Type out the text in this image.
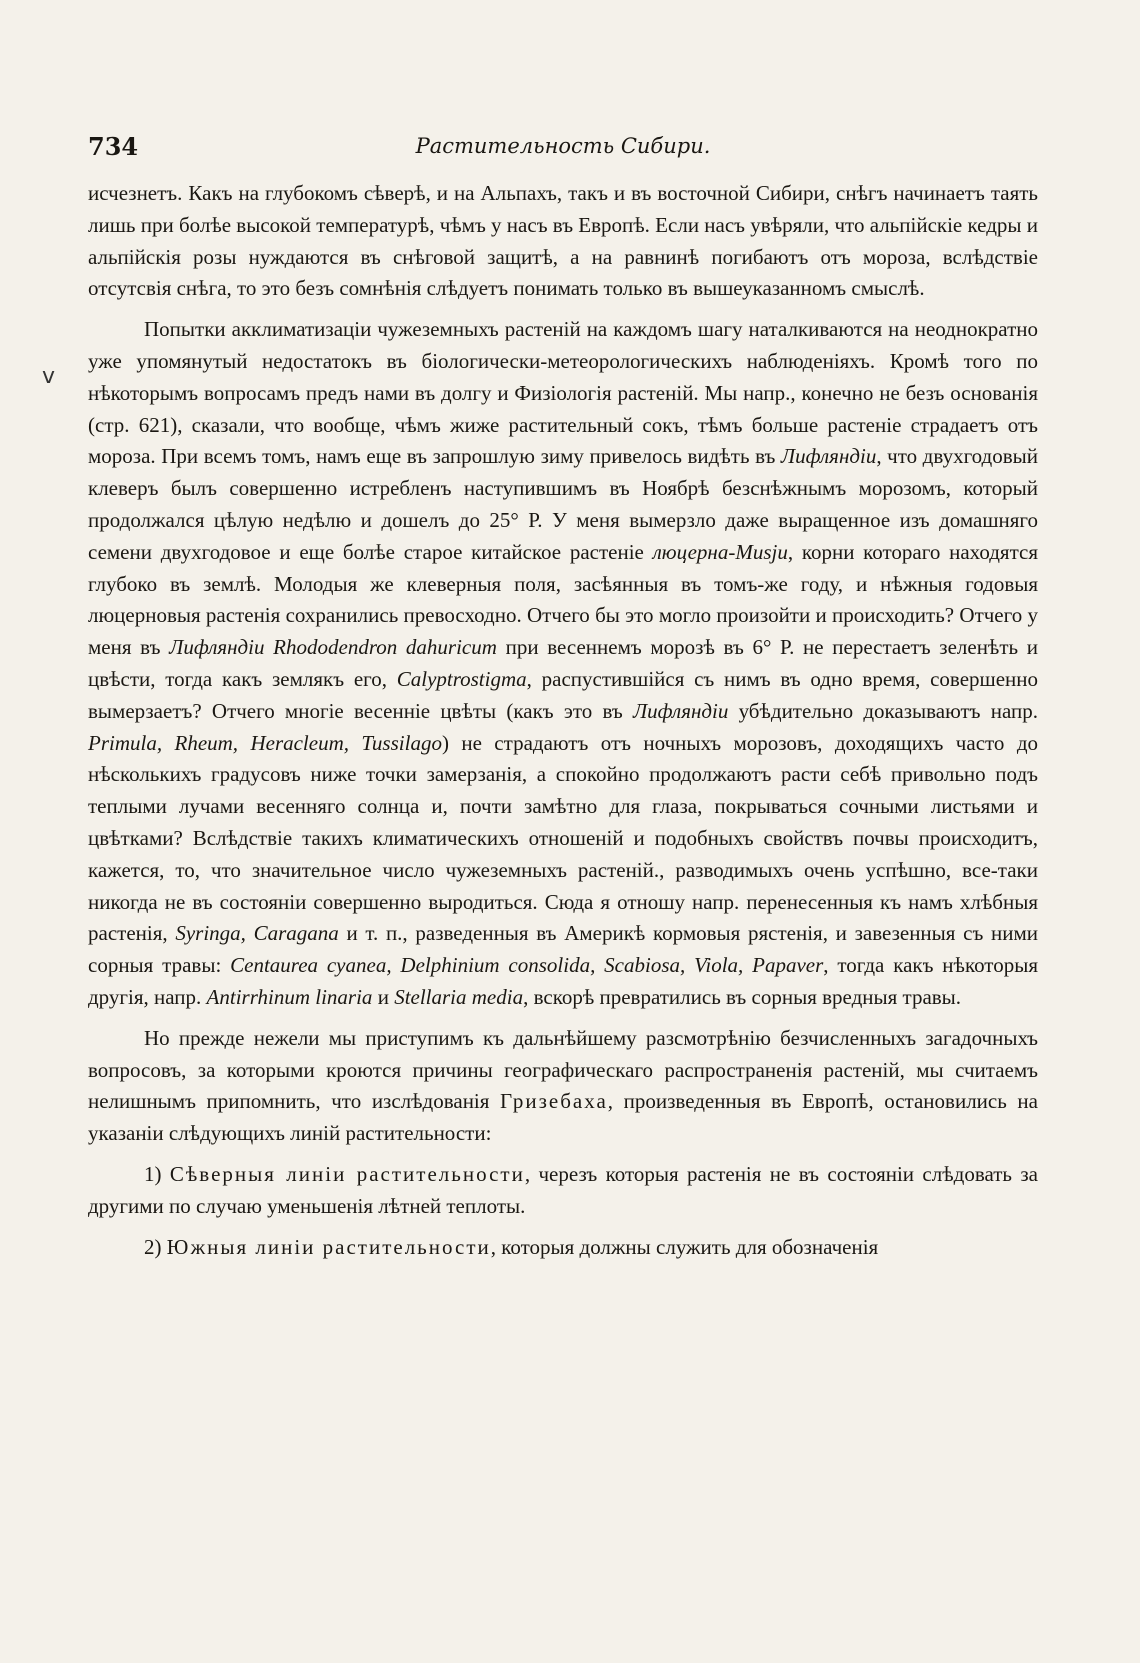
734	Растительность Сибири.
v

исчезнетъ. Какъ на глубокомъ сѣверѣ, и на Альпахъ, такъ и въ восточной Сибири, снѣгъ начинаетъ таять лишь при болѣе высокой температурѣ, чѣмъ у насъ въ Европѣ. Если насъ увѣряли, что альпійскіе кедры и альпійскія розы нуждаются въ снѣговой защитѣ, а на равнинѣ погибаютъ отъ мороза, вслѣдствіе отсутсвія снѣга, то это безъ сомнѣнія слѣдуетъ понимать только въ вышеуказанномъ смыслѣ.

Попытки акклиматизаціи чужеземныхъ растеній на каждомъ шагу наталкиваются на неоднократно уже упомянутый недостатокъ въ біологически-метеорологическихъ наблюденіяхъ. Кромѣ того по нѣкоторымъ вопросамъ предъ нами въ долгу и Физіологія растеній. Мы напр., конечно не безъ основанія (стр. 621), сказали, что вообще, чѣмъ жиже растительный сокъ, тѣмъ больше растеніе страдаетъ отъ мороза. При всемъ томъ, намъ еще въ запрошлую зиму привелось видѣть въ Лифляндіи, что двухгодовый клеверъ былъ совершенно истребленъ наступившимъ въ Ноябрѣ безснѣжнымъ морозомъ, который продолжался цѣлую недѣлю и дошелъ до 25° Р. У меня вымерзло даже выращенное изъ домашняго семени двухгодовое и еще болѣе старое китайское растеніе люцерна-Musju, корни котораго находятся глубоко въ землѣ. Молодыя же клеверныя поля, засѣянныя въ томъ-же году, и нѣжныя годовыя люцерновыя растенія сохранились превосходно. Отчего бы это могло произойти и происходить? Отчего у меня въ Лифляндіи Rhododendron dahuricum при весеннемъ морозѣ въ 6° Р. не перестаетъ зеленѣть и цвѣсти, тогда какъ землякъ его, Calyptrostigma, распустившійся съ нимъ въ одно время, совершенно вымерзаетъ? Отчего многіе весенніе цвѣты (какъ это въ Лифляндіи убѣдительно доказываютъ напр. Primula, Rheum, Heracleum, Tussilago) не страдаютъ отъ ночныхъ морозовъ, доходящихъ часто до нѣсколькихъ градусовъ ниже точки замерзанія, а спокойно продолжаютъ расти себѣ привольно подъ теплыми лучами весенняго солнца и, почти замѣтно для глаза, покрываться сочными листьями и цвѣтками? Вслѣдствіе такихъ климатическихъ отношеній и подобныхъ свойствъ почвы происходитъ, кажется, то, что значительное число чужеземныхъ растеній., разводимыхъ очень успѣшно, все-таки никогда не въ состояніи совершенно выродиться. Сюда я отношу напр. перенесенныя къ намъ хлѣбныя растенія, Syringa, Caragana и т. п., разведенныя въ Америкѣ кормовыя рястенія, и завезенныя съ ними сорныя травы: Centaurea cyanea, Delphinium consolida, Scabiosa, Viola, Papaver, тогда какъ нѣкоторыя другія, напр. Antirrhinum linaria и Stellaria media, вскорѣ превратились въ сорныя вредныя травы.

Но прежде нежели мы приступимъ къ дальнѣйшему разсмотрѣнію безчисленныхъ загадочныхъ вопросовъ, за которыми кроются причины географическаго распространенія растеній, мы считаемъ нелишнымъ припомнить, что изслѣдованія Гризебаха, произведенныя въ Европѣ, остановились на указаніи слѣдующихъ линій растительности:

1) Сѣверныя линіи растительности, черезъ которыя растенія не въ состояніи слѣдовать за другими по случаю уменьшенія лѣтней теплоты.

2) Южныя линіи растительности, которыя должны служить для обозначенія
